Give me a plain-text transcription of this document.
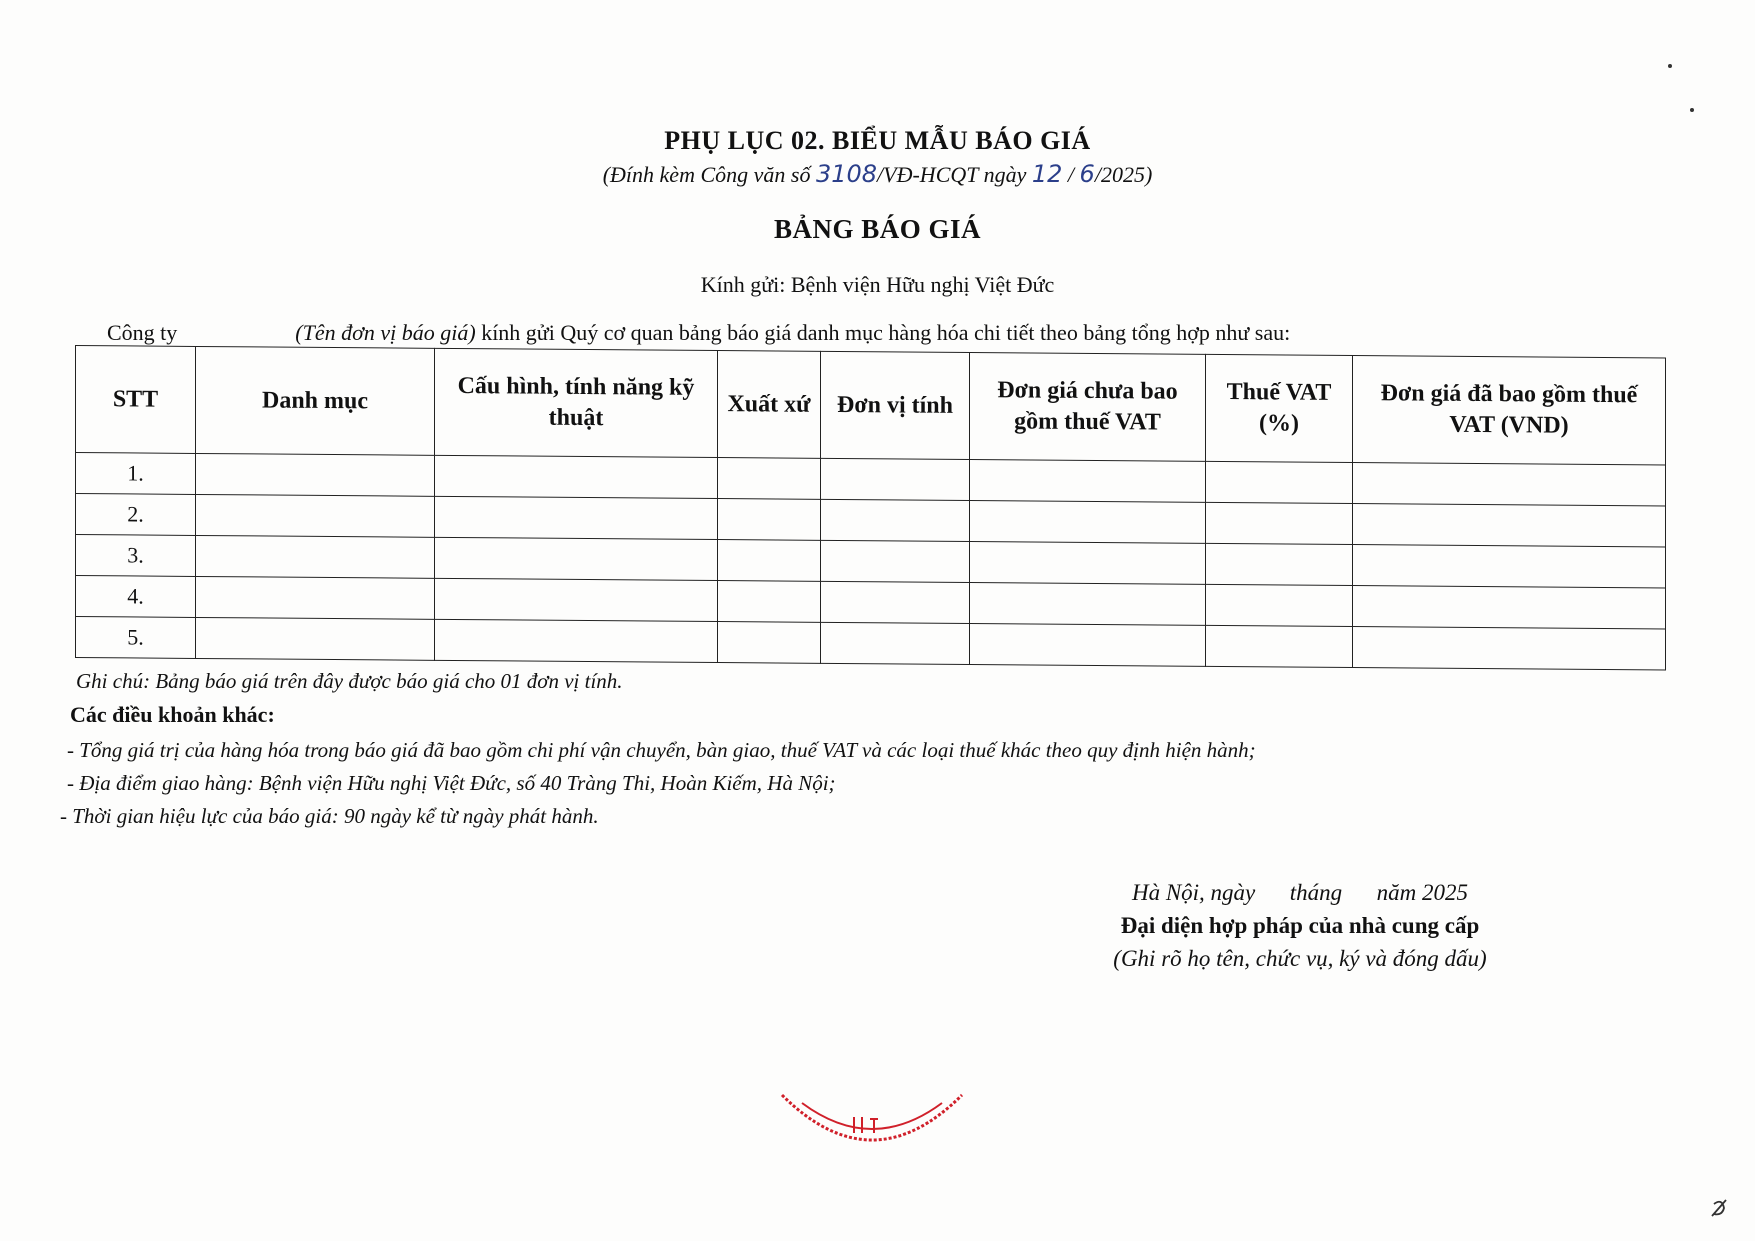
PHỤ LỤC 02. BIỂU MẪU BÁO GIÁ
(Đính kèm Công văn số 3108/VĐ-HCQT ngày 12 / 6/2025)
BẢNG BÁO GIÁ
Kính gửi: Bệnh viện Hữu nghị Việt Đức
Công ty	(Tên đơn vị báo giá) kính gửi Quý cơ quan bảng báo giá danh mục hàng hóa chi tiết theo bảng tổng hợp như sau:
STT	Danh mục	Cấu hình, tính năng kỹ thuật	Xuất xứ	Đơn vị tính	Đơn giá chưa bao gồm thuế VAT	Thuế VAT (%)	Đơn giá đã bao gồm thuế VAT (VND)
1.							
2.							
3.							
4.							
5.							
Ghi chú: Bảng báo giá trên đây được báo giá cho 01 đơn vị tính.
Các điều khoản khác:
- Tổng giá trị của hàng hóa trong báo giá đã bao gồm chi phí vận chuyển, bàn giao, thuế VAT và các loại thuế khác theo quy định hiện hành;
- Địa điểm giao hàng: Bệnh viện Hữu nghị Việt Đức, số 40 Tràng Thi, Hoàn Kiếm, Hà Nội;
- Thời gian hiệu lực của báo giá: 90 ngày kể từ ngày phát hành.
Hà Nội, ngày      tháng      năm 2025
Đại diện hợp pháp của nhà cung cấp
(Ghi rõ họ tên, chức vụ, ký và đóng dấu)
